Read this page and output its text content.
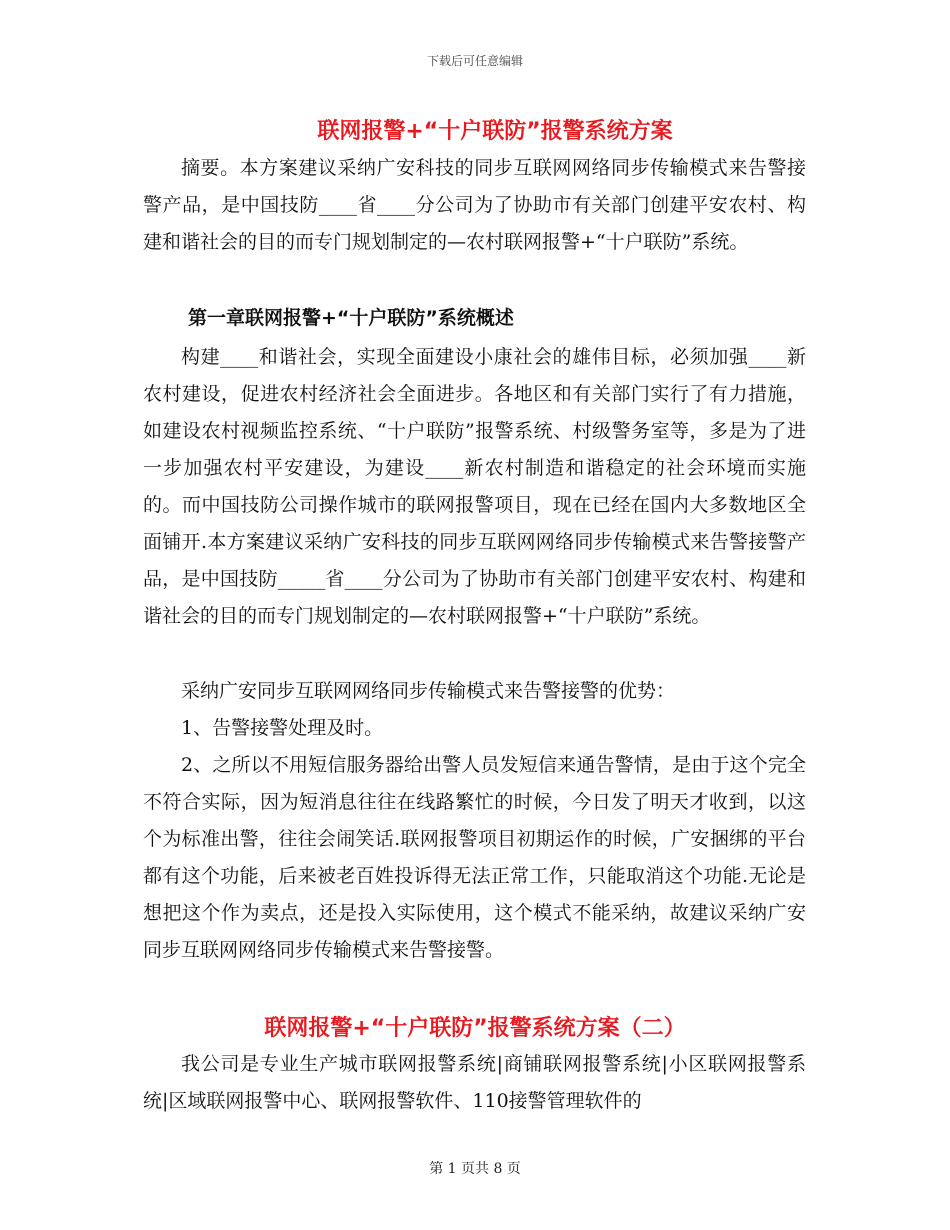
下载后可任意编辑
联网报警+“十户联防”报警系统方案

摘要。本方案建议采纳广安科技的同步互联网网络同步传输模式来告警接警产品，是中国技防____省____分公司为了协助市有关部门创建平安农村、构建和谐社会的目的而专门规划制定的—农村联网报警+“十户联防”系统。

第一章联网报警+“十户联防”系统概述

构建____和谐社会，实现全面建设小康社会的雄伟目标，必须加强____新农村建设，促进农村经济社会全面进步。各地区和有关部门实行了有力措施，如建设农村视频监控系统、“十户联防”报警系统、村级警务室等，多是为了进一步加强农村平安建设，为建设____新农村制造和谐稳定的社会环境而实施的。而中国技防公司操作城市的联网报警项目，现在已经在国内大多数地区全面铺开.本方案建议采纳广安科技的同步互联网网络同步传输模式来告警接警产品，是中国技防_____省____分公司为了协助市有关部门创建平安农村、构建和谐社会的目的而专门规划制定的—农村联网报警+“十户联防”系统。

采纳广安同步互联网网络同步传输模式来告警接警的优势：

1、告警接警处理及时。

2、之所以不用短信服务器给出警人员发短信来通告警情，是由于这个完全不符合实际，因为短消息往往在线路繁忙的时候，今日发了明天才收到，以这个为标准出警，往往会闹笑话.联网报警项目初期运作的时候，广安捆绑的平台都有这个功能，后来被老百姓投诉得无法正常工作，只能取消这个功能.无论是想把这个作为卖点，还是投入实际使用，这个模式不能采纳，故建议采纳广安同步互联网网络同步传输模式来告警接警。

联网报警+“十户联防”报警系统方案（二）

我公司是专业生产城市联网报警系统|商铺联网报警系统|小区联网报警系统|区域联网报警中心、联网报警软件、110接警管理软件的

第 1 页共 8 页
